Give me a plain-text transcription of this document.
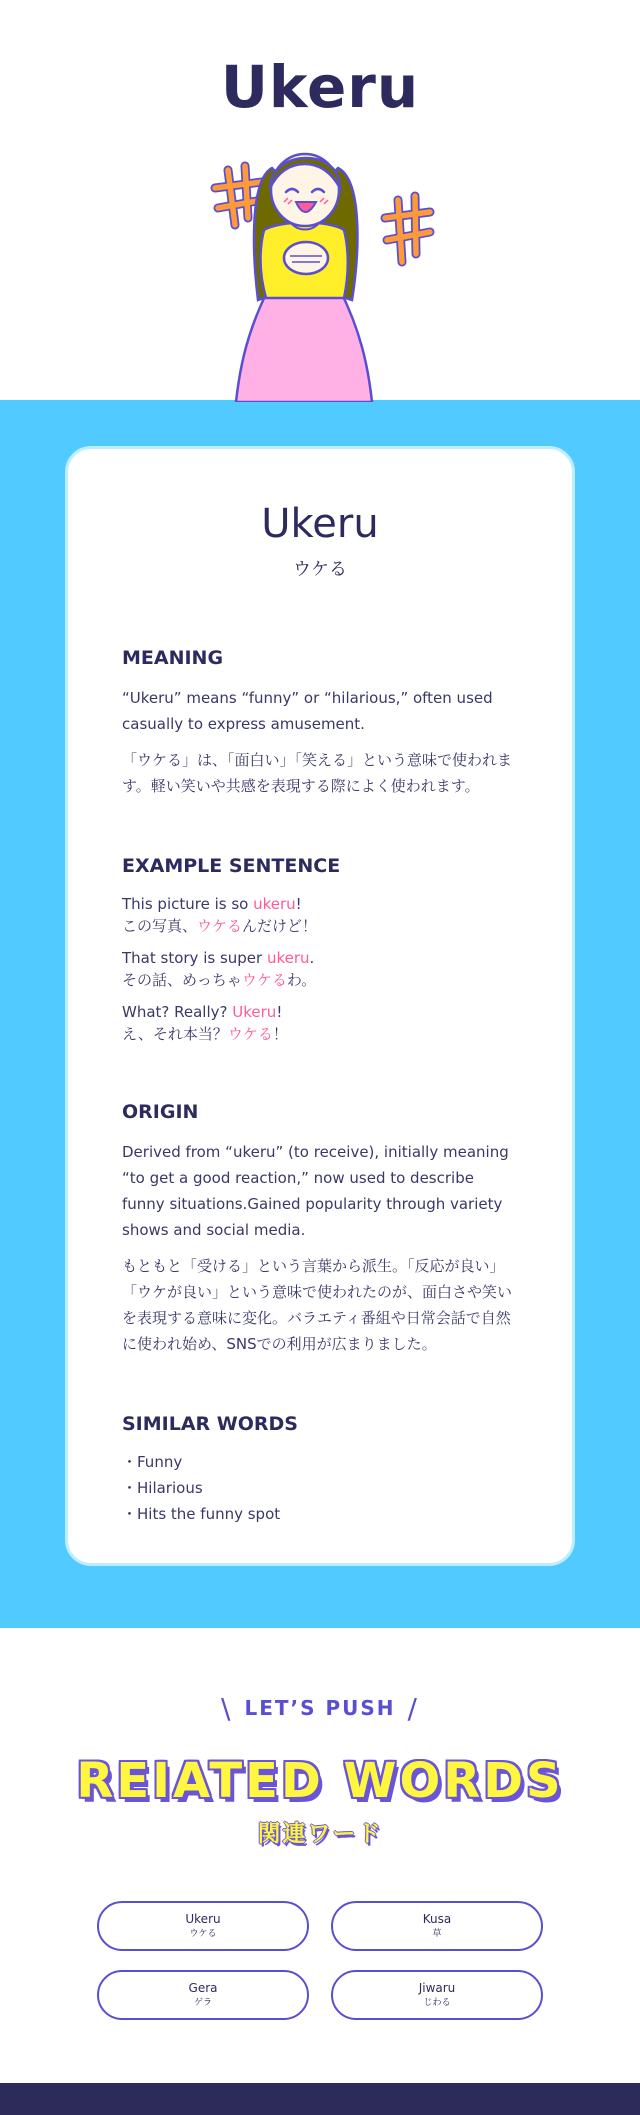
Ukeru
Ukeru
ウケる
MEANING

“Ukeru” means “funny” or “hilarious,” often used casually to express amusement.

「ウケる」は、「面白い」「笑える」という意味で使われます。軽い笑いや共感を表現する際によく使われます。

EXAMPLE SENTENCE
This picture is so ukeru!
この写真、ウケるんだけど！
That story is super ukeru.
その話、めっちゃウケるわ。
What? Really? Ukeru!
え、それ本当？ウケる！
ORIGIN

Derived from “ukeru” (to receive), initially meaning “to get a good reaction,” now used to describe funny situations.Gained popularity through variety shows and social media.

もともと「受ける」という言葉から派生。「反応が良い」「ウケが良い」という意味で使われたのが、面白さや笑いを表現する意味に変化。バラエティ番組や日常会話で自然に使われ始め、SNSでの利用が広まりました。

SIMILAR WORDS
・Funny
・Hilarious
・Hits the funny spot
\ LET’S PUSH /
REIATED WORDS
関連ワード
Ukeru
ウケる
Kusa
草
Gera
ゲラ
Jiwaru
じわる
